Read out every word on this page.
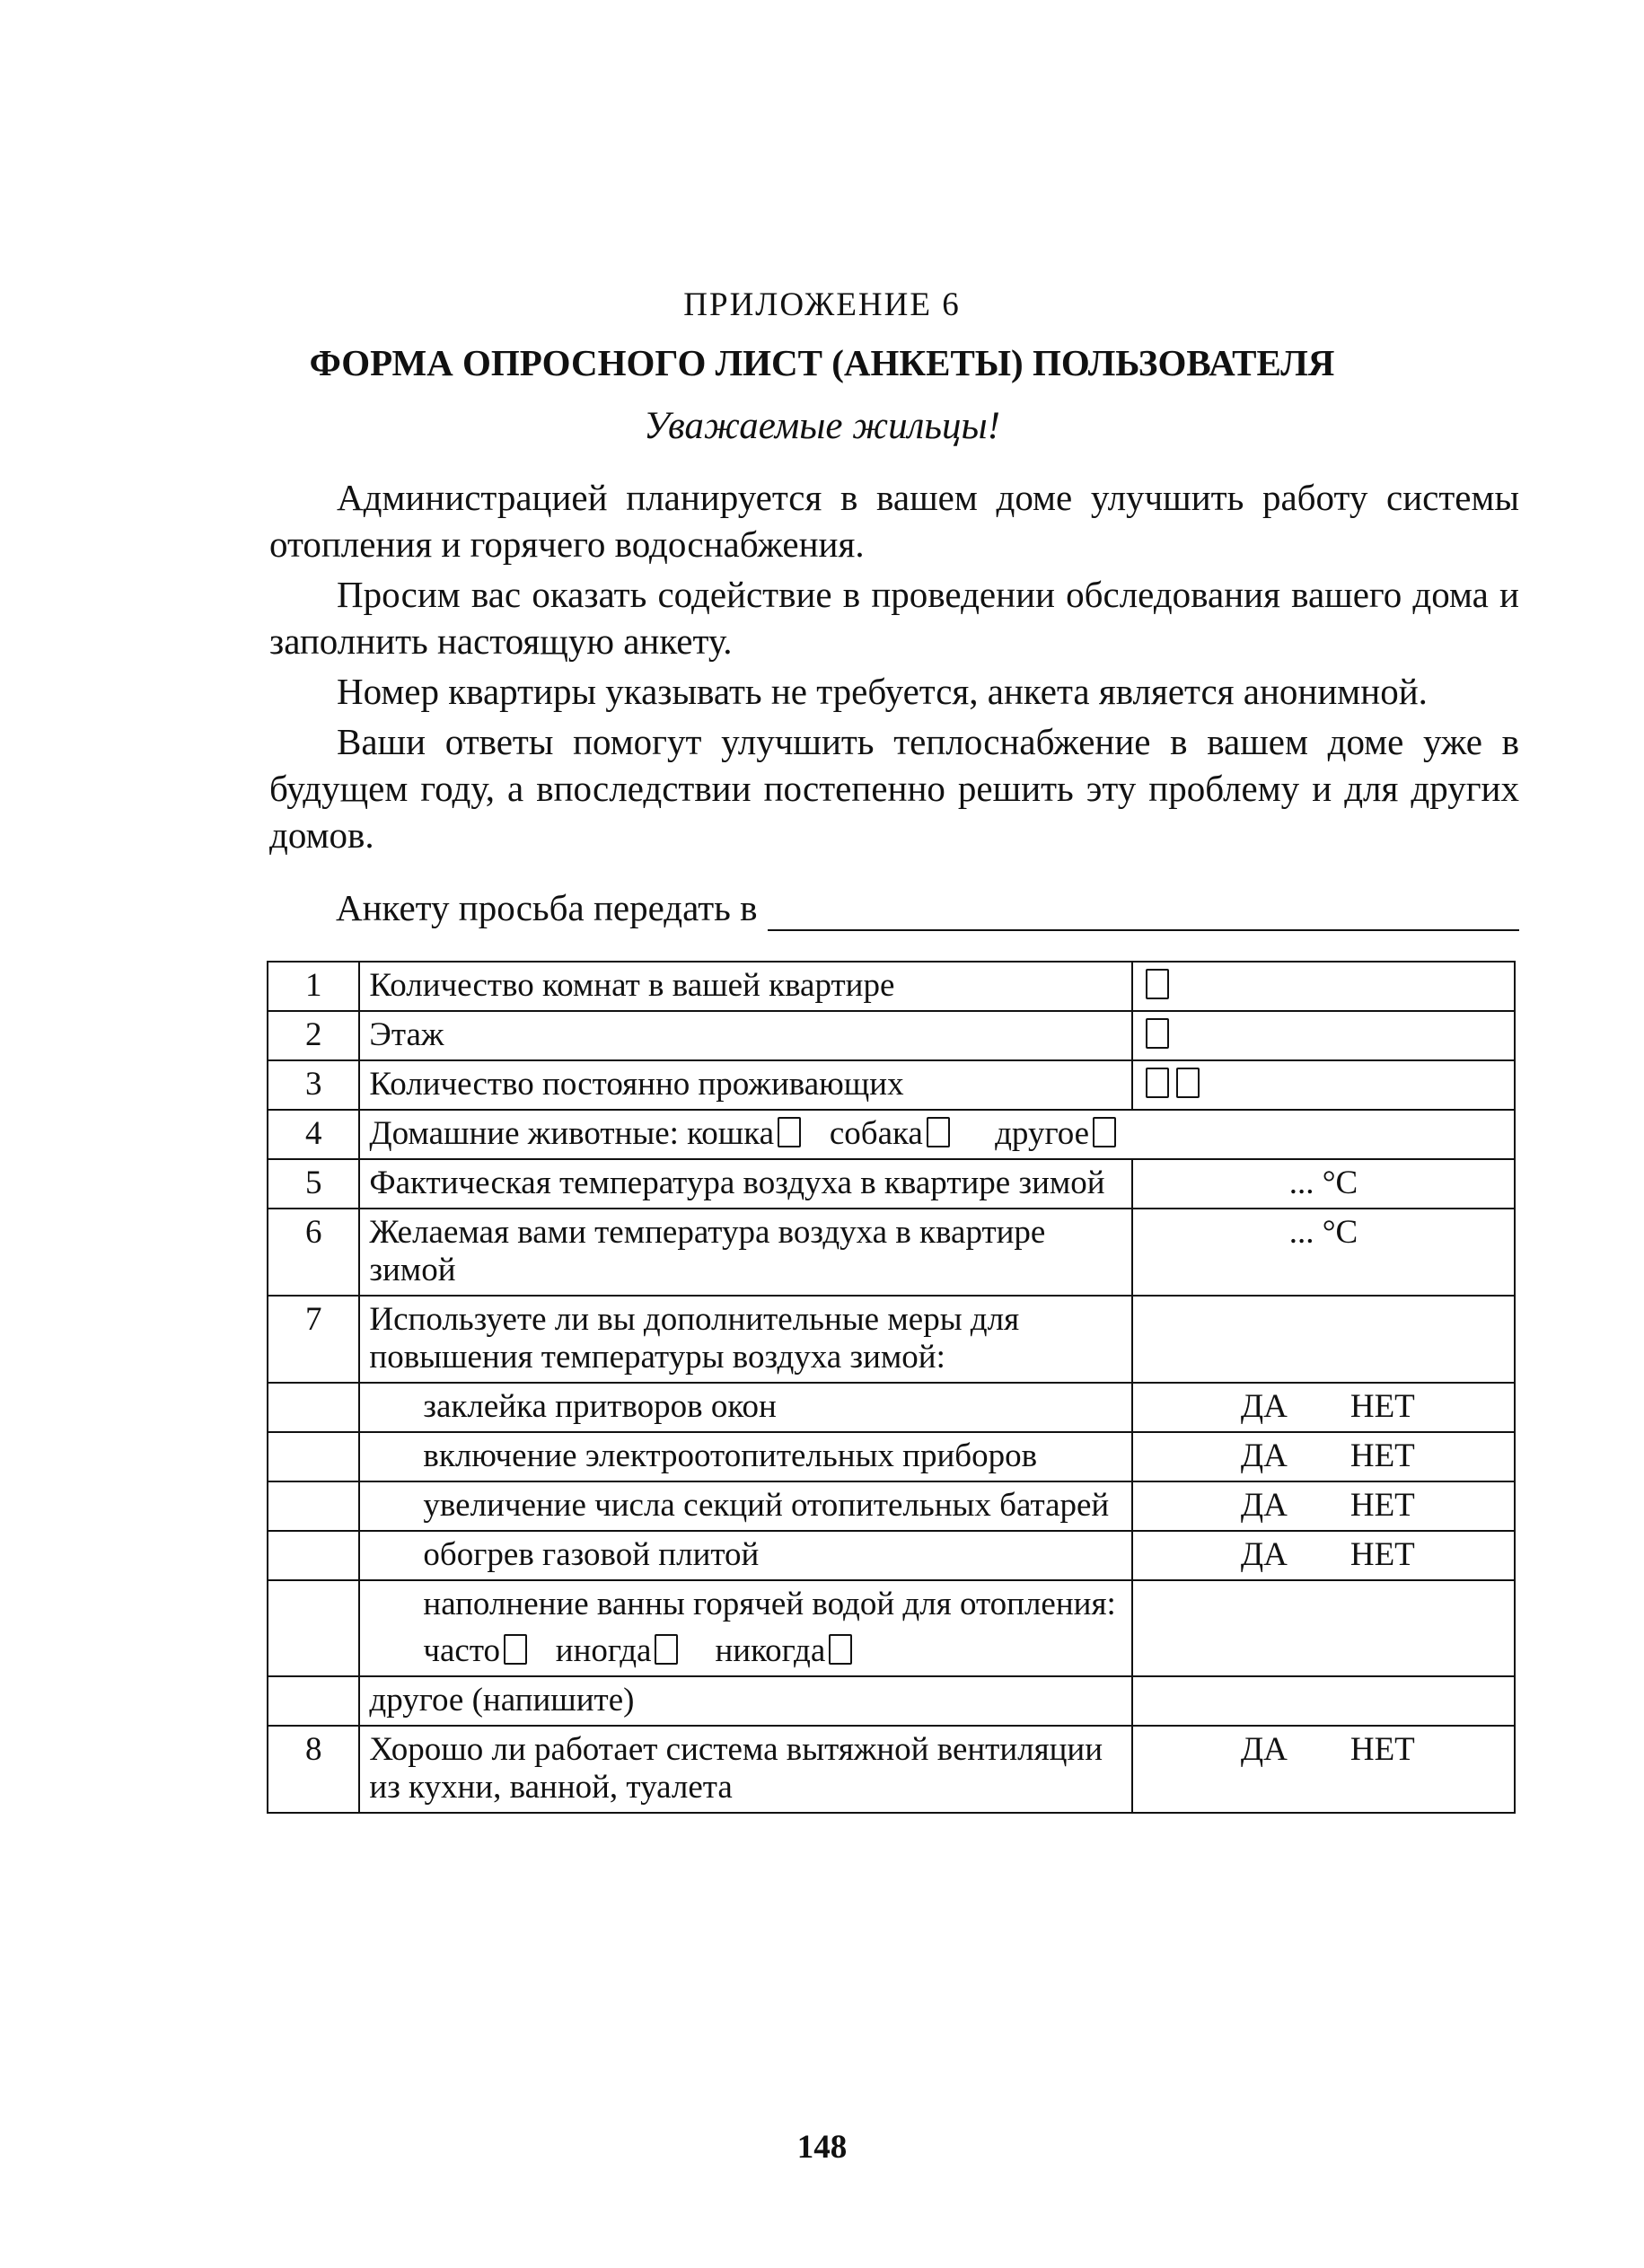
ПРИЛОЖЕНИЕ 6
ФОРМА ОПРОСНОГО ЛИСТ (АНКЕТЫ) ПОЛЬЗОВАТЕЛЯ
Уважаемые жильцы!

Администрацией планируется в вашем доме улучшить работу системы отопления и горячего водоснабжения.

Просим вас оказать содействие в проведении обследования вашего дома и заполнить настоящую анкету.

Номер квартиры указывать не требуется, анкета является анонимной.

Ваши ответы помогут улучшить теплоснабжение в вашем доме уже в будущем году, а впоследствии постепенно решить эту проблему и для других домов.

Анкету просьба передать в
1	Количество комнат в вашей квартире	
2	Этаж	
3	Количество постоянно проживающих	
4	Домашние животные: кошка собака другое	
5	Фактическая температура воздуха в квартире зимой	... °С
6	Желаемая вами температура воздуха в квартире зимой	... °С
7	Используете ли вы дополнительные меры для повышения температуры воздуха зимой:	
	заклейка притворов окон	ДА НЕТ
	включение электроотопительных приборов	ДА НЕТ
	увеличение числа секций отопительных батарей	ДА НЕТ
	обогрев газовой плитой	ДА НЕТ

	наполнение ванны горячей водой для отопления:
часто иногда никогда	

	другое (напишите)	
8	Хорошо ли работает система вытяжной вентиляции из кухни, ванной, туалета	ДА НЕТ
148
